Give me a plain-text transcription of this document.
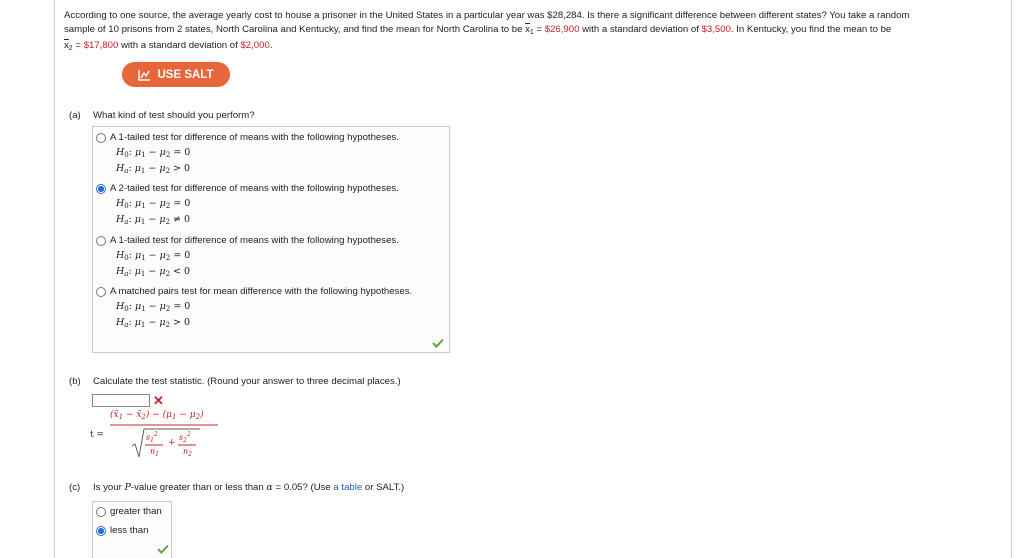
According to one source, the average yearly cost to house a prisoner in the United States in a particular year was $28,284. Is there a significant difference between different states? You take a random
sample of 10 prisons from 2 states, North Carolina and Kentucky, and find the mean for North Carolina to be $\overline{x}_1$ = $26,900 with a standard deviation of $3,500. In Kentucky, you find the mean to be
$\overline{x}_2$ = $17,800 with a standard deviation of $2,000.
USE SALT
(a) What kind of test should you perform?
A 1-tailed test for difference of means with the following hypotheses.
$H_0$: $\mu_1 - \mu_2 = 0$
$H_a$: $\mu_1 - \mu_2 > 0$
A 2-tailed test for difference of means with the following hypotheses.
$H_0$: $\mu_1 - \mu_2 = 0$
$H_a$: $\mu_1 - \mu_2 \ne 0$
A 1-tailed test for difference of means with the following hypotheses.
$H_0$: $\mu_1 - \mu_2 = 0$
$H_a$: $\mu_1 - \mu_2 < 0$
A matched pairs test for mean difference with the following hypotheses.
$H_0$: $\mu_1 - \mu_2 = 0$
$H_a$: $\mu_1 - \mu_2 > 0$
(b) Calculate the test statistic. (Round your answer to three decimal places.)
✕
t =
($x̄_1$ − $x̄_2) - (\mu_1 - \mu_2)$
$s_1^2$
$n_1$
+
$s_2^2$
$n_2$
(c) Is your P-value greater than or less than α = 0.05? (Use a table or SALT.)
greater than
less than
